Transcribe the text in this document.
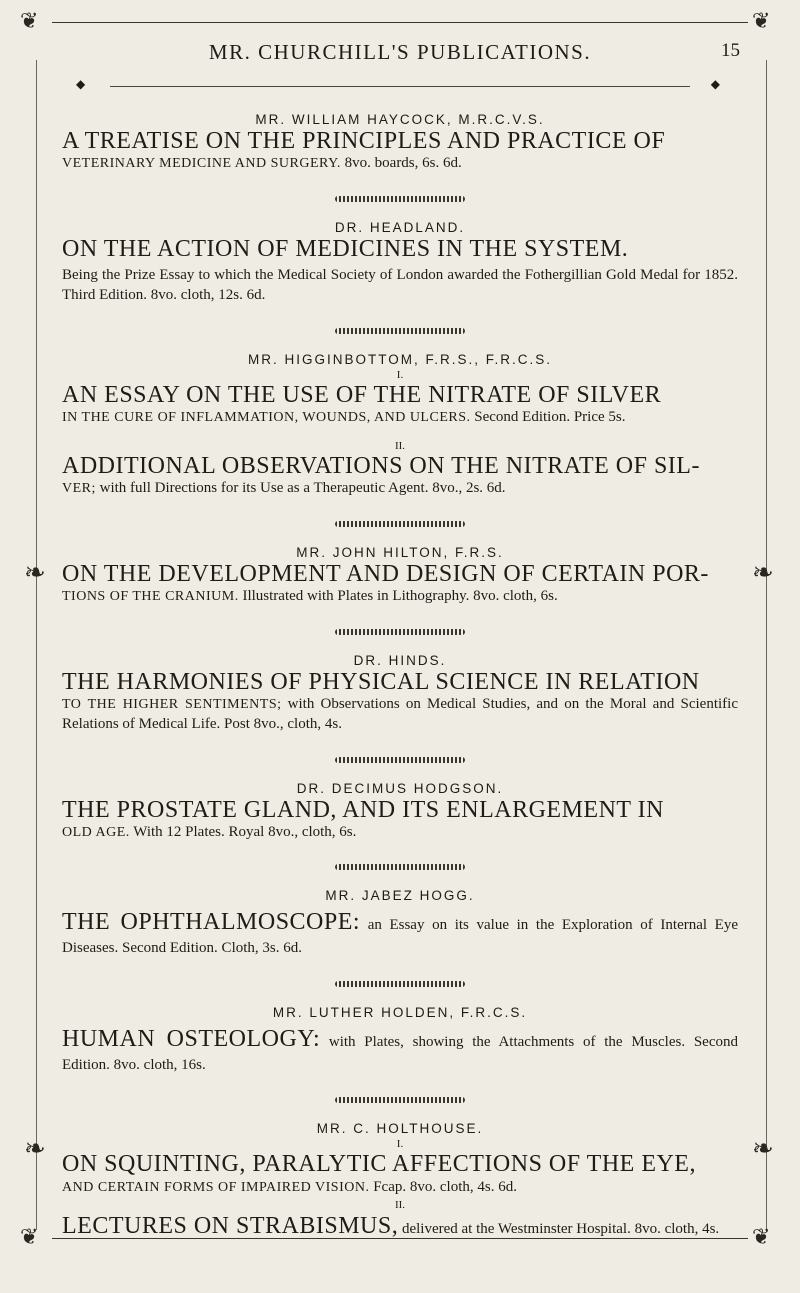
❦	❦
❦	❦
❧	❧
❧	❧
MR. CHURCHILL'S PUBLICATIONS.	15
◆	◆

MR. WILLIAM HAYCOCK, M.R.C.V.S.

A TREATISE ON THE PRINCIPLES AND PRACTICE OF

VETERINARY MEDICINE AND SURGERY. 8vo. boards, 6s. 6d.

DR. HEADLAND.

ON THE ACTION OF MEDICINES IN THE SYSTEM.

Being the Prize Essay to which the Medical Society of London awarded the Fothergillian Gold Medal for 1852. Third Edition. 8vo. cloth, 12s. 6d.

MR. HIGGINBOTTOM, F.R.S., F.R.C.S.

I.

AN ESSAY ON THE USE OF THE NITRATE OF SILVER

IN THE CURE OF INFLAMMATION, WOUNDS, AND ULCERS. Second Edition. Price 5s.

II.

ADDITIONAL OBSERVATIONS ON THE NITRATE OF SIL-

VER; with full Directions for its Use as a Therapeutic Agent. 8vo., 2s. 6d.

MR. JOHN HILTON, F.R.S.

ON THE DEVELOPMENT AND DESIGN OF CERTAIN POR-

TIONS OF THE CRANIUM. Illustrated with Plates in Lithography. 8vo. cloth, 6s.

DR. HINDS.

THE HARMONIES OF PHYSICAL SCIENCE IN RELATION

TO THE HIGHER SENTIMENTS; with Observations on Medical Studies, and on the Moral and Scientific Relations of Medical Life. Post 8vo., cloth, 4s.

DR. DECIMUS HODGSON.

THE PROSTATE GLAND, AND ITS ENLARGEMENT IN

OLD AGE. With 12 Plates. Royal 8vo., cloth, 6s.

MR. JABEZ HOGG.

THE OPHTHALMOSCOPE: an Essay on its value in the Exploration of Internal Eye Diseases. Second Edition. Cloth, 3s. 6d.

MR. LUTHER HOLDEN, F.R.C.S.

HUMAN OSTEOLOGY: with Plates, showing the Attachments of the Muscles. Second Edition. 8vo. cloth, 16s.

MR. C. HOLTHOUSE.

I.

ON SQUINTING, PARALYTIC AFFECTIONS OF THE EYE,

AND CERTAIN FORMS OF IMPAIRED VISION. Fcap. 8vo. cloth, 4s. 6d.

II.

LECTURES ON STRABISMUS, delivered at the Westminster Hospital. 8vo. cloth, 4s.
